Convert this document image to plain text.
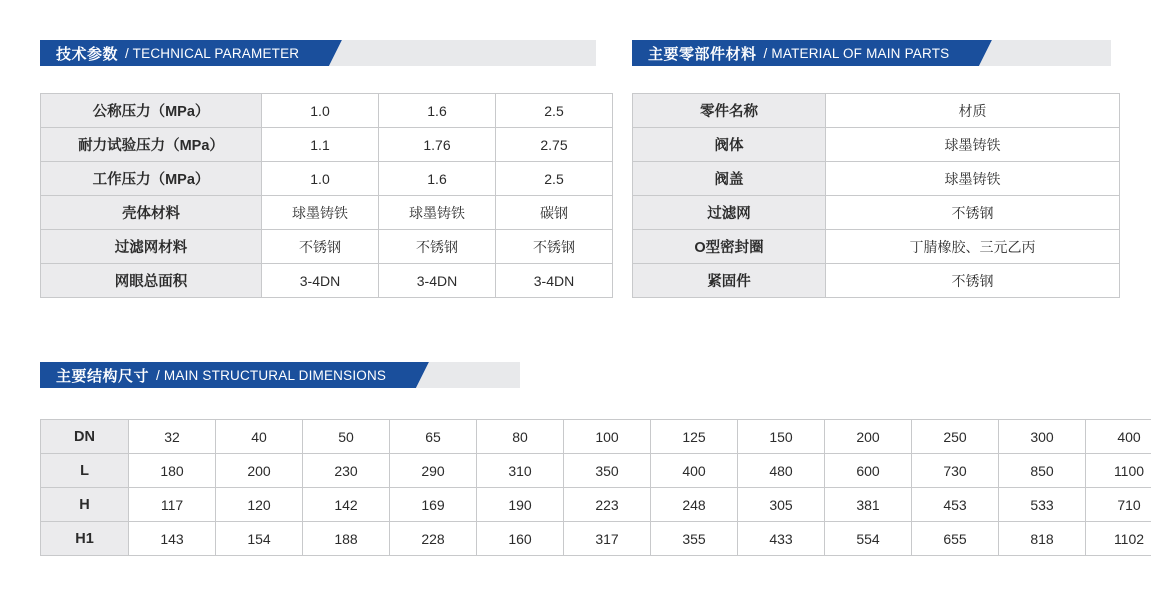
技术参数 / TECHNICAL PARAMETER	主要零部件材料 / MATERIAL OF MAIN PARTS
主要结构尺寸 / MAIN STRUCTURAL DIMENSIONS
公称压力（MPa）	1.0	1.6	2.5
耐力试验压力（MPa）	1.1	1.76	2.75
工作压力（MPa）	1.0	1.6	2.5
壳体材料	球墨铸铁	球墨铸铁	碳钢
过滤网材料	不锈钢	不锈钢	不锈钢
网眼总面积	3-4DN	3-4DN	3-4DN
零件名称	材质
阀体	球墨铸铁
阀盖	球墨铸铁
过滤网	不锈钢
O型密封圈	丁腈橡胶、三元乙丙
紧固件	不锈钢
DN	32	40	50	65	80	100	125	150	200	250	300	400
L	180	200	230	290	310	350	400	480	600	730	850	1100
H	117	120	142	169	190	223	248	305	381	453	533	710
H1	143	154	188	228	160	317	355	433	554	655	818	1102
